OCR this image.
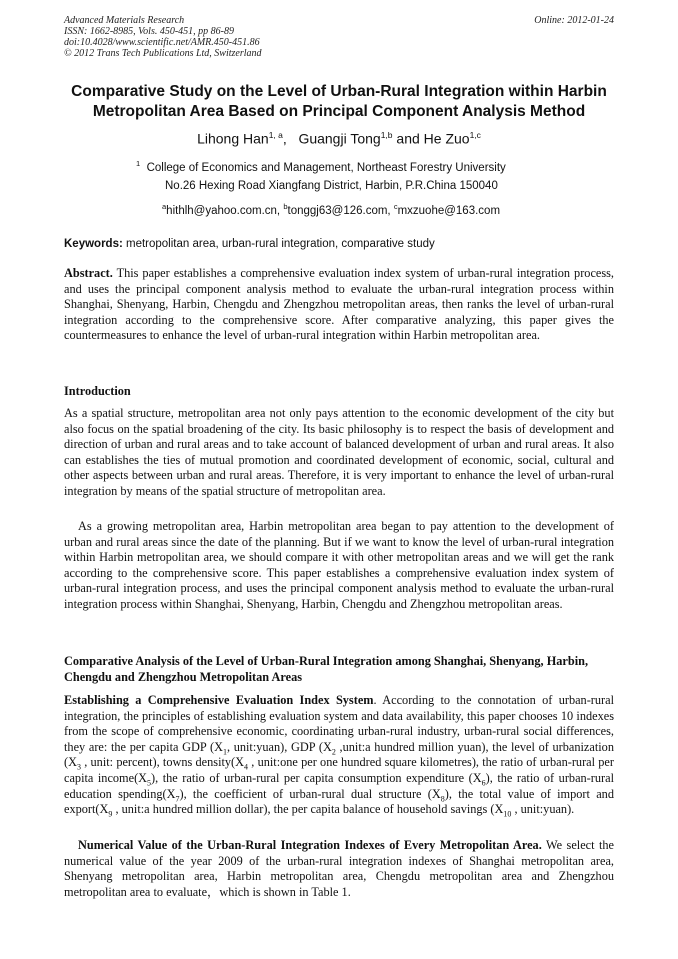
Advanced Materials Research
ISSN: 1662-8985, Vols. 450-451, pp 86-89
doi:10.4028/www.scientific.net/AMR.450-451.86
© 2012 Trans Tech Publications Ltd, Switzerland
Online: 2012-01-24
Comparative Study on the Level of Urban-Rural Integration within Harbin Metropolitan Area Based on Principal Component Analysis Method
Lihong Han$^{1, a}$, Guangji Tong$^{1,b}$ and He Zuo$^{1,c}$
$^1$ College of Economics and Management, Northeast Forestry University
No.26 Hexing Road Xiangfang District, Harbin, P.R.China 150040
$^a$hithlh@yahoo.com.cn, $^b$tonggj63@126.com, $^c$mxzuohe@163.com
Keywords: metropolitan area, urban-rural integration, comparative study
Abstract. This paper establishes a comprehensive evaluation index system of urban-rural integration process, and uses the principal component analysis method to evaluate the urban-rural integration process within Shanghai, Shenyang, Harbin, Chengdu and Zhengzhou metropolitan areas, then ranks the level of urban-rural integration according to the comprehensive score. After comparative analyzing, this paper gives the countermeasures to enhance the level of urban-rural integration within Harbin metropolitan area.
Introduction
As a spatial structure, metropolitan area not only pays attention to the economic development of the city but also focus on the spatial broadening of the city. Its basic philosophy is to respect the basis of development and direction of urban and rural areas and to take account of balanced development of urban and rural areas. It also can establishes the ties of mutual promotion and coordinated development of economic, social, cultural and other aspects between urban and rural areas. Therefore, it is very important to enhance the level of urban-rural integration by means of the spatial structure of metropolitan area.
As a growing metropolitan area, Harbin metropolitan area began to pay attention to the development of urban and rural areas since the date of the planning. But if we want to know the level of urban-rural integration within Harbin metropolitan area, we should compare it with other metropolitan areas and we will get the rank according to the comprehensive score. This paper establishes a comprehensive evaluation index system of urban-rural integration process, and uses the principal component analysis method to evaluate the urban-rural integration process within Shanghai, Shenyang, Harbin, Chengdu and Zhengzhou metropolitan areas.
Comparative Analysis of the Level of Urban-Rural Integration among Shanghai, Shenyang, Harbin, Chengdu and Zhengzhou Metropolitan Areas
Establishing a Comprehensive Evaluation Index System. According to the connotation of urban-rural integration, the principles of establishing evaluation system and data availability, this paper chooses 10 indexes from the scope of comprehensive economic, coordinating urban-rural industry, urban-rural social differences, they are: the per capita GDP ($X_1$, unit:yuan), GDP ($X_2$ ,unit:a hundred million yuan), the level of urbanization ($X_3$ , unit: percent), towns $density(X_4$ , unit:one per one hundred square kilometres), the ratio of urban-rural per capita $income(X_5)$, the ratio of urban-rural per capita consumption expenditure $(X_6)$, the ratio of urban-rural education $spending(X_7)$, the coefficient of urban-rural dual structure $(X_8)$, the total value of import and $export(X_9$ , unit:a hundred million dollar), the per capita balance of household savings ($X_{10}$ , unit:yuan).
Numerical Value of the Urban-Rural Integration Indexes of Every Metropolitan Area. We select the numerical value of the year 2009 of the urban-rural integration indexes of Shanghai metropolitan area, Shenyang metropolitan area, Harbin metropolitan area, Chengdu metropolitan area and Zhengzhou metropolitan area to evaluate，which is shown in Table 1.
